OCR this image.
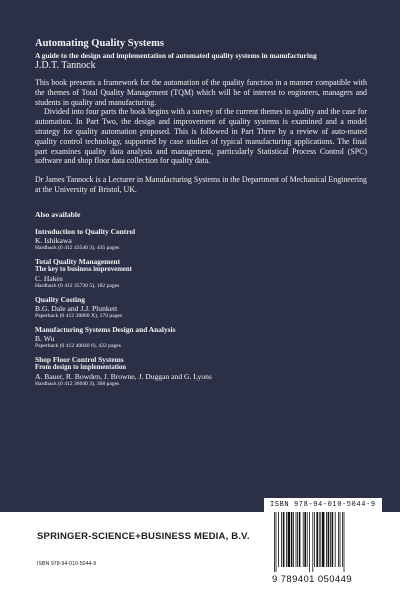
Automating Quality Systems
A guide to the design and implementation of automated quality systems in manufacturing
J.D.T. Tannock

This book presents a framework for the automation of the quality function in a manner compatible with the themes of Total Quality Management (TQM) which will be of interest to engineers, managers and students in quality and manufacturing.

Divided into four parts the book begins with a survey of the current themes in quality and the case for automation. In Part Two, the design and improvement of quality systems is examined and a model strategy for quality automation proposed. This is followed in Part Three by a review of auto-mated quality control technology, supported by case studies of typical manufacturing applications. The final part examines quality data analysis and management, particularly Statistical Process Control (SPC) software and shop floor data collection for quality data.

Dr James Tannock is a Lecturer in Manufacturing Systems in the Department of Mechanical Engineering at the University of Bristol, UK.

Also available
Introduction to Quality Control
K. Ishikawa
Hardback (0 412 43540 3), 435 pages
Total Quality Management
The key to business improvement
C. Hakes
Hardback (0 412 35730 5), 182 pages
Quality Costing
B.G. Dale and J.J. Plunkett
Paperback (0 412 38860 X), 170 pages
Manufacturing Systems Design and Analysis
B. Wu
Paperback (0 412 40840 6), 432 pages
Shop Floor Control Systems
From design to implementation
A. Bauer, R. Bowden, J. Browne, J. Duggan and G. Lyons
Hardback (0 412 36040 3), 368 pages
SPRINGER-SCIENCE+BUSINESS MEDIA, B.V.
ISBN 978-94-010-5044-9
ISBN 978-94-010-5044-9
9 789401 050449
